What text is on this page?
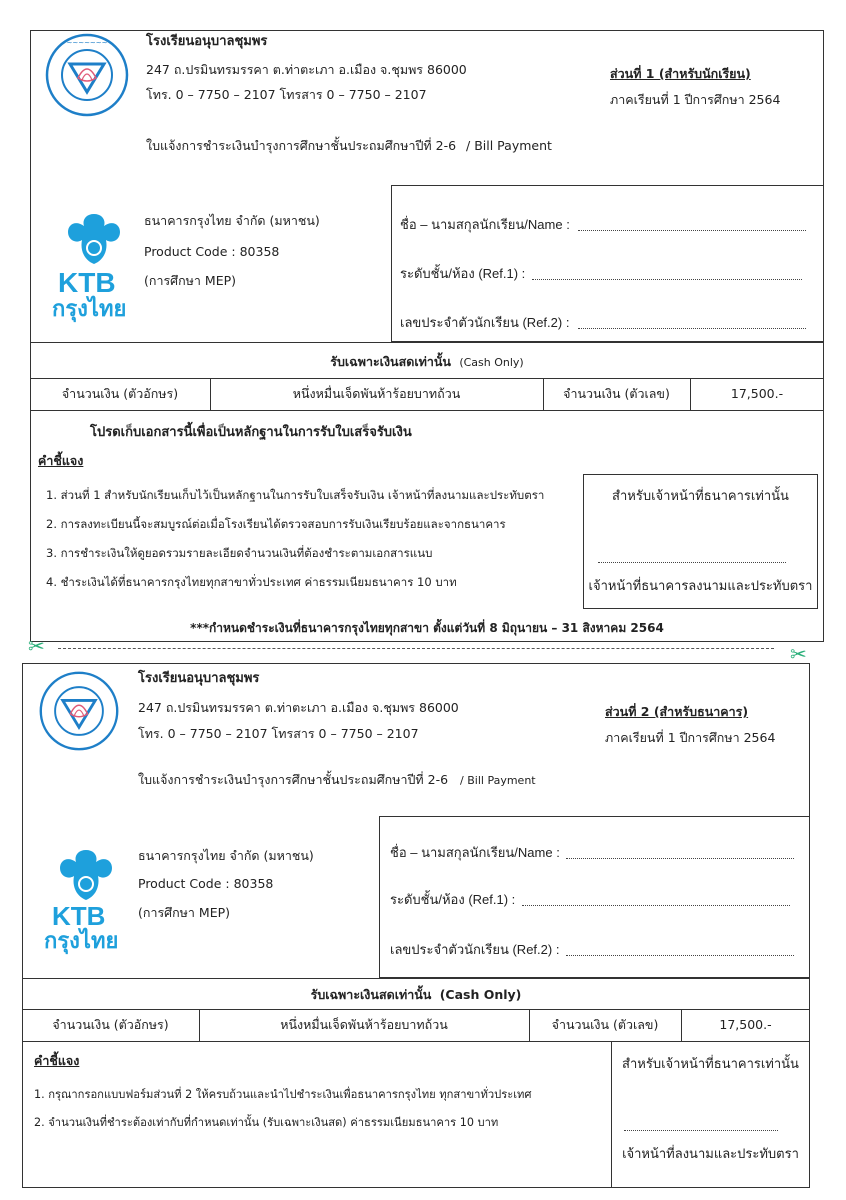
~~~~~~~	โรงเรียนอนุบาลชุมพร
247 ถ.ปรมินทรมรรคา ต.ท่าตะเภา อ.เมือง จ.ชุมพร 86000
โทร. 0 – 7750 – 2107 โทรสาร 0 – 7750 – 2107
ส่วนที่ 1 (สำหรับนักเรียน)
ภาคเรียนที่ 1 ปีการศึกษา 2564
ใบแจ้งการชำระเงินบำรุงการศึกษาชั้นประถมศึกษาปีที่ 2-6 / Bill Payment
KTB
กรุงไทย
ธนาคารกรุงไทย จำกัด (มหาชน)
Product Code : 80358
(การศึกษา MEP)
ชื่อ – นามสกุลนักเรียน/Name :
ระดับชั้น/ห้อง (Ref.1) :
เลขประจำตัวนักเรียน (Ref.2) :
รับเฉพาะเงินสดเท่านั้น (Cash Only)
จำนวนเงิน (ตัวอักษร)	หนึ่งหมื่นเจ็ดพันห้าร้อยบาทถ้วน	จำนวนเงิน (ตัวเลข)	17,500.-
โปรดเก็บเอกสารนี้เพื่อเป็นหลักฐานในการรับใบเสร็จรับเงิน
คำชี้แจง
1. ส่วนที่ 1 สำหรับนักเรียนเก็บไว้เป็นหลักฐานในการรับใบเสร็จรับเงิน เจ้าหน้าที่ลงนามและประทับตรา
2. การลงทะเบียนนี้จะสมบูรณ์ต่อเมื่อโรงเรียนได้ตรวจสอบการรับเงินเรียบร้อยและจากธนาคาร
3. การชำระเงินให้ดูยอดรวมรายละเอียดจำนวนเงินที่ต้องชำระตามเอกสารแนบ
4. ชำระเงินได้ที่ธนาคารกรุงไทยทุกสาขาทั่วประเทศ ค่าธรรมเนียมธนาคาร 10 บาท
สำหรับเจ้าหน้าที่ธนาคารเท่านั้น
เจ้าหน้าที่ธนาคารลงนามและประทับตรา
***กำหนดชำระเงินที่ธนาคารกรุงไทยทุกสาขา ตั้งแต่วันที่ 8 มิถุนายน – 31 สิงหาคม 2564
✂	✂
โรงเรียนอนุบาลชุมพร
247 ถ.ปรมินทรมรรคา ต.ท่าตะเภา อ.เมือง จ.ชุมพร 86000
โทร. 0 – 7750 – 2107 โทรสาร 0 – 7750 – 2107
ส่วนที่ 2 (สำหรับธนาคาร)
ภาคเรียนที่ 1 ปีการศึกษา 2564
ใบแจ้งการชำระเงินบำรุงการศึกษาชั้นประถมศึกษาปีที่ 2-6 / Bill Payment
KTB
กรุงไทย
ธนาคารกรุงไทย จำกัด (มหาชน)
Product Code : 80358
(การศึกษา MEP)
ชื่อ – นามสกุลนักเรียน/Name :
ระดับชั้น/ห้อง (Ref.1) :
เลขประจำตัวนักเรียน (Ref.2) :
รับเฉพาะเงินสดเท่านั้น (Cash Only)
จำนวนเงิน (ตัวอักษร)	หนึ่งหมื่นเจ็ดพันห้าร้อยบาทถ้วน	จำนวนเงิน (ตัวเลข)	17,500.-
คำชี้แจง
1. กรุณากรอกแบบฟอร์มส่วนที่ 2 ให้ครบถ้วนและนำไปชำระเงินเพื่อธนาคารกรุงไทย ทุกสาขาทั่วประเทศ
2. จำนวนเงินที่ชำระต้องเท่ากับที่กำหนดเท่านั้น (รับเฉพาะเงินสด) ค่าธรรมเนียมธนาคาร 10 บาท
สำหรับเจ้าหน้าที่ธนาคารเท่านั้น
เจ้าหน้าที่ลงนามและประทับตรา
